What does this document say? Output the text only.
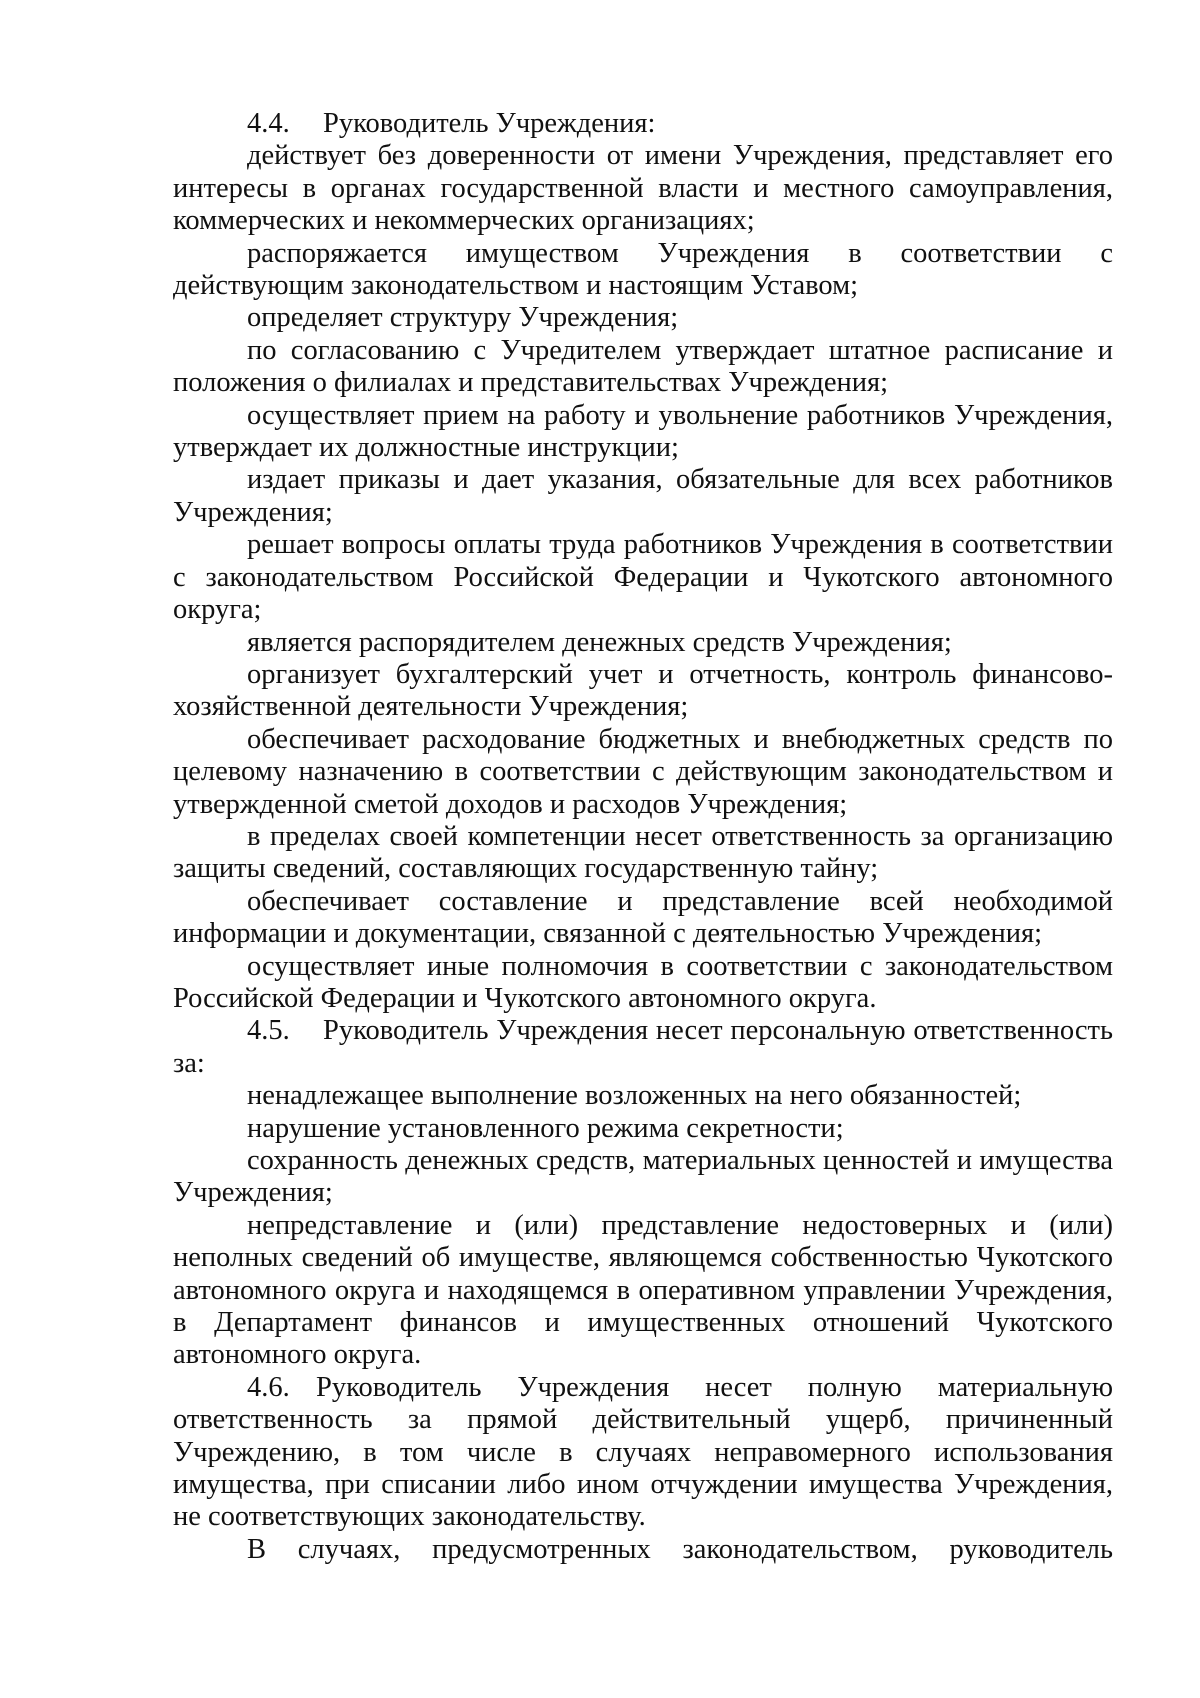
4.4. Руководитель Учреждения:

действует без доверенности от имени Учреждения, представляет его интересы в органах государственной власти и местного самоуправления, коммерческих и некоммерческих организациях;

распоряжается имуществом Учреждения в соответствии с действующим законодательством и настоящим Уставом;

определяет структуру Учреждения;

по согласованию с Учредителем утверждает штатное расписание и положения о филиалах и представительствах Учреждения;

осуществляет прием на работу и увольнение работников Учреждения, утверждает их должностные инструкции;

издает приказы и дает указания, обязательные для всех работников Учреждения;

решает вопросы оплаты труда работников Учреждения в соответствии с законодательством Российской Федерации и Чукотского автономного округа;

является распорядителем денежных средств Учреждения;

организует бухгалтерский учет и отчетность, контроль финансово-хозяйственной деятельности Учреждения;

обеспечивает расходование бюджетных и внебюджетных средств по целевому назначению в соответствии с действующим законодательством и утвержденной сметой доходов и расходов Учреждения;

в пределах своей компетенции несет ответственность за организацию защиты сведений, составляющих государственную тайну;

обеспечивает составление и представление всей необходимой информации и документации, связанной с деятельностью Учреждения;

осуществляет иные полномочия в соответствии с законодательством Российской Федерации и Чукотского автономного округа.

4.5. Руководитель Учреждения несет персональную ответственность за:

ненадлежащее выполнение возложенных на него обязанностей;

нарушение установленного режима секретности;

сохранность денежных средств, материальных ценностей и имущества Учреждения;

непредставление и (или) представление недостоверных и (или) неполных сведений об имуществе, являющемся собственностью Чукотского автономного округа и находящемся в оперативном управлении Учреждения, в Департамент финансов и имущественных отношений Чукотского автономного округа.

4.6. Руководитель Учреждения несет полную материальную ответственность за прямой действительный ущерб, причиненный Учреждению, в том числе в случаях неправомерного использования имущества, при списании либо ином отчуждении имущества Учреждения, не соответствующих законодательству.

В случаях, предусмотренных законодательством, руководитель
